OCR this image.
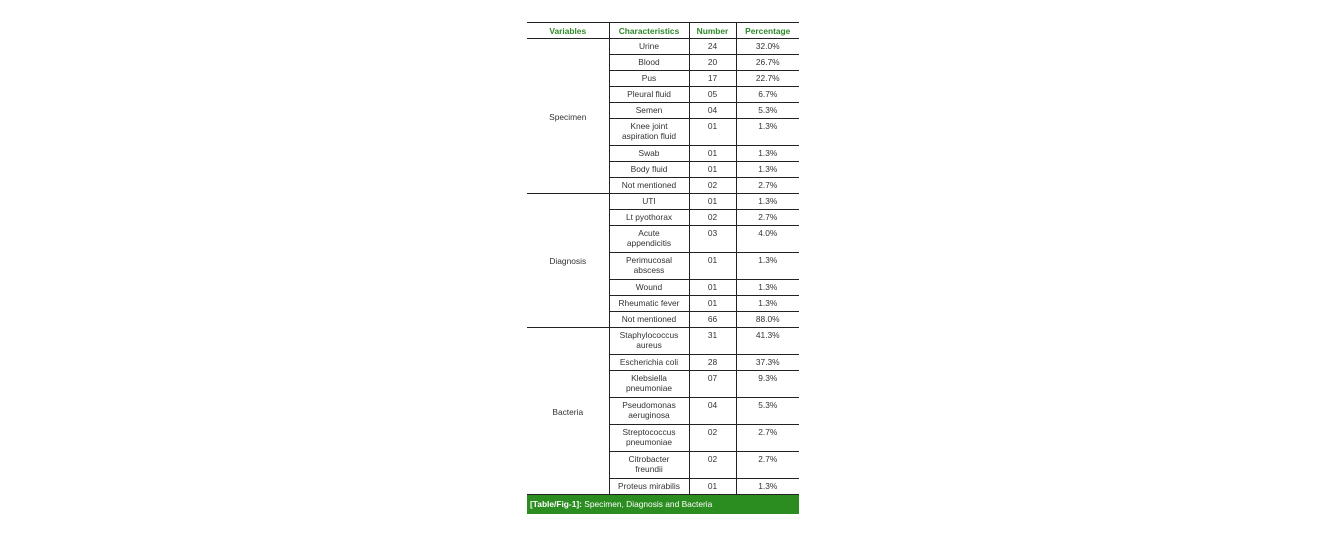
Variables	Characteristics	Number	Percentage
Specimen	Urine	24	32.0%
	Blood	20	26.7%
	Pus	17	22.7%
	Pleural fluid	05	6.7%
	Semen	04	5.3%
	Knee joint aspiration fluid	01	1.3%
	Swab	01	1.3%
	Body fluid	01	1.3%
	Not mentioned	02	2.7%
Diagnosis	UTI	01	1.3%
	Lt pyothorax	02	2.7%
	Acute appendicitis	03	4.0%
	Perimucosal abscess	01	1.3%
	Wound	01	1.3%
	Rheumatic fever	01	1.3%
	Not mentioned	66	88.0%
Bacteria	Staphylococcus aureus	31	41.3%
	Escherichia coli	28	37.3%
	Klebsiella pneumoniae	07	9.3%
	Pseudomonas aeruginosa	04	5.3%
	Streptococcus pneumoniae	02	2.7%
	Citrobacter freundii	02	2.7%
	Proteus mirabilis	01	1.3%
[Table/Fig-1]: Specimen, Diagnosis and Bacteria
